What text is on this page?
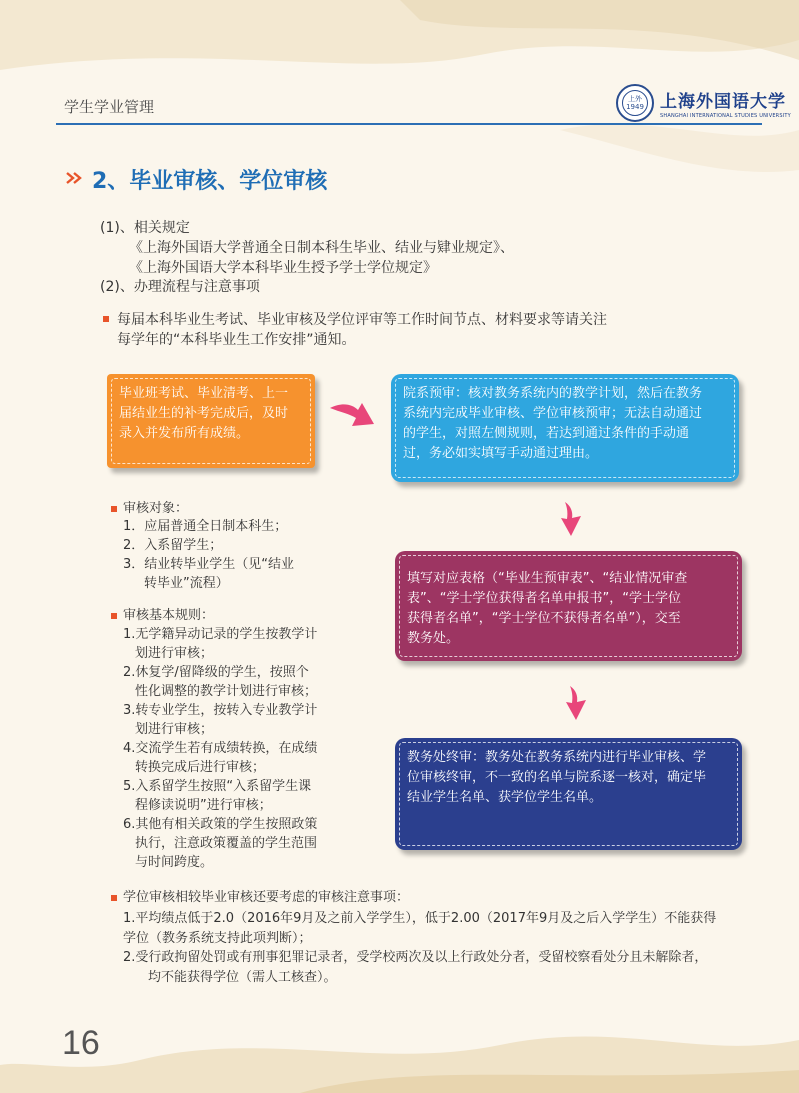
学生学业管理	上外 1949 上海外国语大学
SHANGHAI INTERNATIONAL STUDIES UNIVERSITY
2、毕业审核、学位审核
(1)、相关规定
《上海外国语大学普通全日制本科生毕业、结业与肄业规定》、
《上海外国语大学本科毕业生授予学士学位规定》
(2)、办理流程与注意事项
每届本科毕业生考试、毕业审核及学位评审等工作时间节点、材料要求等请关注
每学年的“本科毕业生工作安排”通知。
毕业班考试、毕业清考、上一
届结业生的补考完成后，及时
录入并发布所有成绩。
院系预审：核对教务系统内的教学计划，然后在教务
系统内完成毕业审核、学位审核预审；无法自动通过
的学生，对照左侧规则，若达到通过条件的手动通
过，务必如实填写手动通过理由。
填写对应表格（“毕业生预审表”、“结业情况审查
表”、“学士学位获得者名单申报书”，“学士学位
获得者名单”，“学士学位不获得者名单”），交至
教务处。
教务处终审：教务处在教务系统内进行毕业审核、学
位审核终审，不一致的名单与院系逐一核对，确定毕
结业学生名单、获学位学生名单。
审核对象：
1．应届普通全日制本科生；
2．入系留学生；
3．结业转毕业学生（见“结业
转毕业”流程）
审核基本规则：
1.无学籍异动记录的学生按教学计
划进行审核；
2.休复学/留降级的学生，按照个
性化调整的教学计划进行审核；
3.转专业学生，按转入专业教学计
划进行审核；
4.交流学生若有成绩转换，在成绩
转换完成后进行审核；
5.入系留学生按照“入系留学生课
程修读说明”进行审核；
6.其他有相关政策的学生按照政策
执行，注意政策覆盖的学生范围
与时间跨度。
学位审核相较毕业审核还要考虑的审核注意事项：
1.平均绩点低于2.0（2016年9月及之前入学学生），低于2.00（2017年9月及之后入学学生）不能获得
学位（教务系统支持此项判断）；
2.受行政拘留处罚或有刑事犯罪记录者，受学校两次及以上行政处分者，受留校察看处分且未解除者，
均不能获得学位（需人工核查）。
16
